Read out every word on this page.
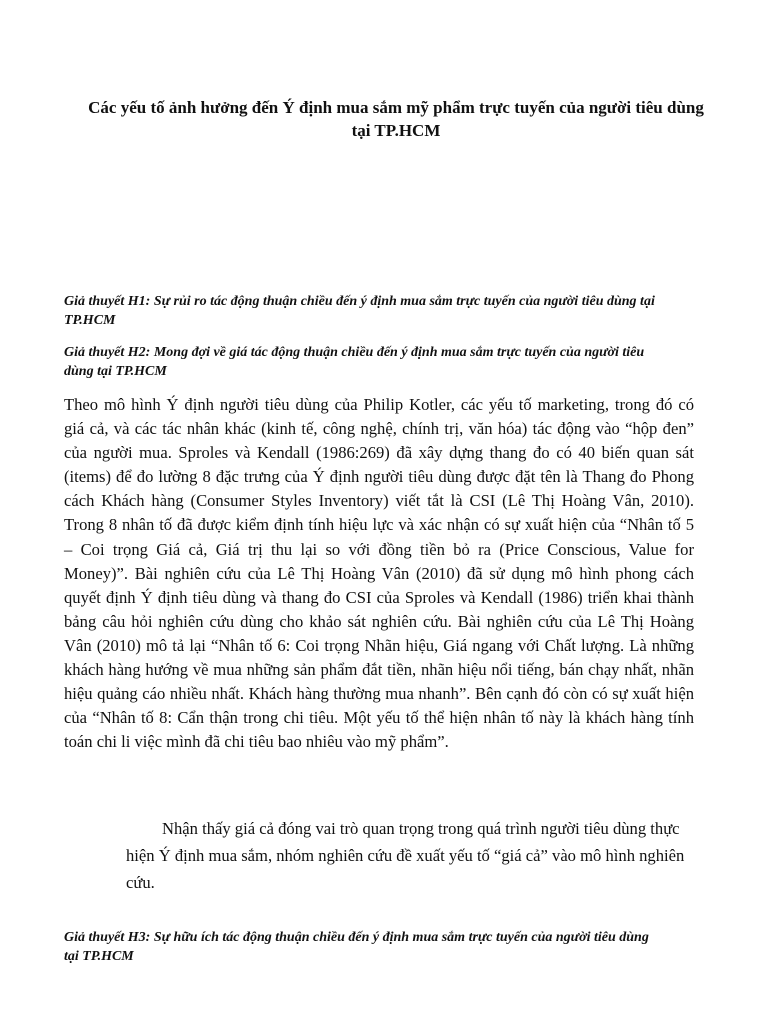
Các yếu tố ảnh hưởng đến Ý định mua sắm mỹ phẩm trực tuyến của người tiêu dùng
tại TP.HCM
Giả thuyết H1: Sự rủi ro tác động thuận chiều đến ý định mua sắm trực tuyến của người tiêu dùng tại
TP.HCM
Giả thuyết H2: Mong đợi về giá tác động thuận chiều đến ý định mua sắm trực tuyến của người tiêu
dùng tại TP.HCM
Theo mô hình Ý định người tiêu dùng của Philip Kotler, các yếu tố marketing, trong đó có
giá cả, và các tác nhân khác (kinh tế, công nghệ, chính trị, văn hóa) tác động vào “hộp đen”
của người mua. Sproles và Kendall (1986:269) đã xây dựng thang đo có 40 biến quan sát
(items) để đo lường 8 đặc trưng của Ý định người tiêu dùng được đặt tên là Thang đo Phong
cách Khách hàng (Consumer Styles Inventory) viết tắt là CSI (Lê Thị Hoàng Vân, 2010).
Trong 8 nhân tố đã được kiểm định tính hiệu lực và xác nhận có sự xuất hiện của “Nhân tố 5
– Coi trọng Giá cả, Giá trị thu lại so với đồng tiền bỏ ra (Price Conscious, Value for
Money)”. Bài nghiên cứu của Lê Thị Hoàng Vân (2010) đã sử dụng mô hình phong cách
quyết định Ý định tiêu dùng và thang đo CSI của Sproles và Kendall (1986) triển khai thành
bảng câu hỏi nghiên cứu dùng cho khảo sát nghiên cứu. Bài nghiên cứu của Lê Thị Hoàng
Vân (2010) mô tả lại “Nhân tố 6: Coi trọng Nhãn hiệu, Giá ngang với Chất lượng. Là những
khách hàng hướng về mua những sản phẩm đắt tiền, nhãn hiệu nổi tiếng, bán chạy nhất, nhãn
hiệu quảng cáo nhiều nhất. Khách hàng thường mua nhanh”. Bên cạnh đó còn có sự xuất hiện
của “Nhân tố 8: Cẩn thận trong chi tiêu. Một yếu tố thể hiện nhân tố này là khách hàng tính
toán chi li việc mình đã chi tiêu bao nhiêu vào mỹ phẩm”.
Nhận thấy giá cả đóng vai trò quan trọng trong quá trình người tiêu dùng thực
hiện Ý định mua sắm, nhóm nghiên cứu đề xuất yếu tố “giá cả” vào mô hình nghiên
cứu.
Giả thuyết H3: Sự hữu ích tác động thuận chiều đến ý định mua sắm trực tuyến của người tiêu dùng
tại TP.HCM
